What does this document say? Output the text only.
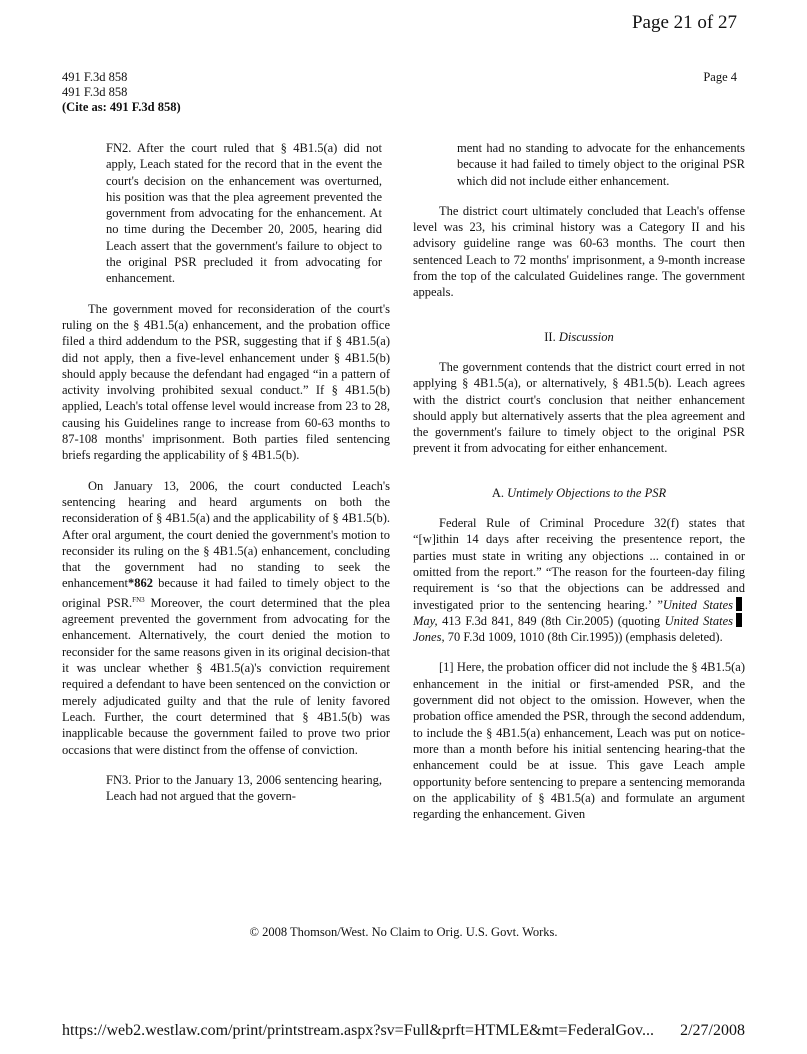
Page 21 of 27
491 F.3d 858
491 F.3d 858
(Cite as: 491 F.3d 858)
Page 4

FN2. After the court ruled that § 4B1.5(a) did not apply, Leach stated for the record that in the event the court's decision on the enhancement was overturned, his position was that the plea agreement prevented the government from advocating for the enhancement. At no time during the December 20, 2005, hearing did Leach assert that the government's failure to object to the original PSR precluded it from advocating for enhancement.

The government moved for reconsideration of the court's ruling on the § 4B1.5(a) enhancement, and the probation office filed a third addendum to the PSR, suggesting that if § 4B1.5(a) did not apply, then a five-level enhancement under § 4B1.5(b) should apply because the defendant had engaged “in a pattern of activity involving prohibited sexual conduct.” If § 4B1.5(b) applied, Leach's total offense level would increase from 23 to 28, causing his Guidelines range to increase from 60-63 months to 87-108 months' imprisonment. Both parties filed sentencing briefs regarding the applicability of § 4B1.5(b).

On January 13, 2006, the court conducted Leach's sentencing hearing and heard arguments on both the reconsideration of § 4B1.5(a) and the applicability of § 4B1.5(b). After oral argument, the court denied the government's motion to reconsider its ruling on the § 4B1.5(a) enhancement, concluding that the government had no standing to seek the enhancement*862 because it had failed to timely object to the original PSR.$^{FN3}$ Moreover, the court determined that the plea agreement prevented the government from advocating for the enhancement. Alternatively, the court denied the motion to reconsider for the same reasons given in its original decision-that it was unclear whether § 4B1.5(a)'s conviction requirement required a defendant to have been sentenced on the conviction or merely adjudicated guilty and that the rule of lenity favored Leach. Further, the court determined that § 4B1.5(b) was inapplicable because the government failed to prove two prior occasions that were distinct from the offense of conviction.

FN3. Prior to the January 13, 2006 sentencing hearing, Leach had not argued that the govern-

ment had no standing to advocate for the enhancements because it had failed to timely object to the original PSR which did not include either enhancement.

The district court ultimately concluded that Leach's offense level was 23, his criminal history was a Category II and his advisory guideline range was 60-63 months. The court then sentenced Leach to 72 months' imprisonment, a 9-month increase from the top of the calculated Guidelines range. The government appeals.

II. Discussion

The government contends that the district court erred in not applying § 4B1.5(a), or alternatively, § 4B1.5(b). Leach agrees with the district court's conclusion that neither enhancement should apply but alternatively asserts that the plea agreement and the government's failure to timely object to the original PSR prevent it from advocating for either enhancement.

A. Untimely Objections to the PSR

Federal Rule of Criminal Procedure 32(f) states that “[w]ithin 14 days after receiving the presentence report, the parties must state in writing any objections ... contained in or omitted from the report.” “The reason for the fourteen-day filing requirement is ‘so that the objections can be addressed and investigated prior to the sentencing hearing.’ ”United StatesMay, 413 F.3d 841, 849 (8th Cir.2005) (quoting United StatesJones, 70 F.3d 1009, 1010 (8th Cir.1995)) (emphasis deleted).

[1] Here, the probation officer did not include the § 4B1.5(a) enhancement in the initial or first-amended PSR, and the government did not object to the omission. However, when the probation office amended the PSR, through the second addendum, to include the § 4B1.5(a) enhancement, Leach was put on notice-more than a month before his initial sentencing hearing-that the enhancement could be at issue. This gave Leach ample opportunity before sentencing to prepare a sentencing memoranda on the applicability of § 4B1.5(a) and formulate an argument regarding the enhancement. Given

© 2008 Thomson/West. No Claim to Orig. U.S. Govt. Works.
https://web2.westlaw.com/print/printstream.aspx?sv=Full&prft=HTMLE&mt=FederalGov... 2/27/2008
